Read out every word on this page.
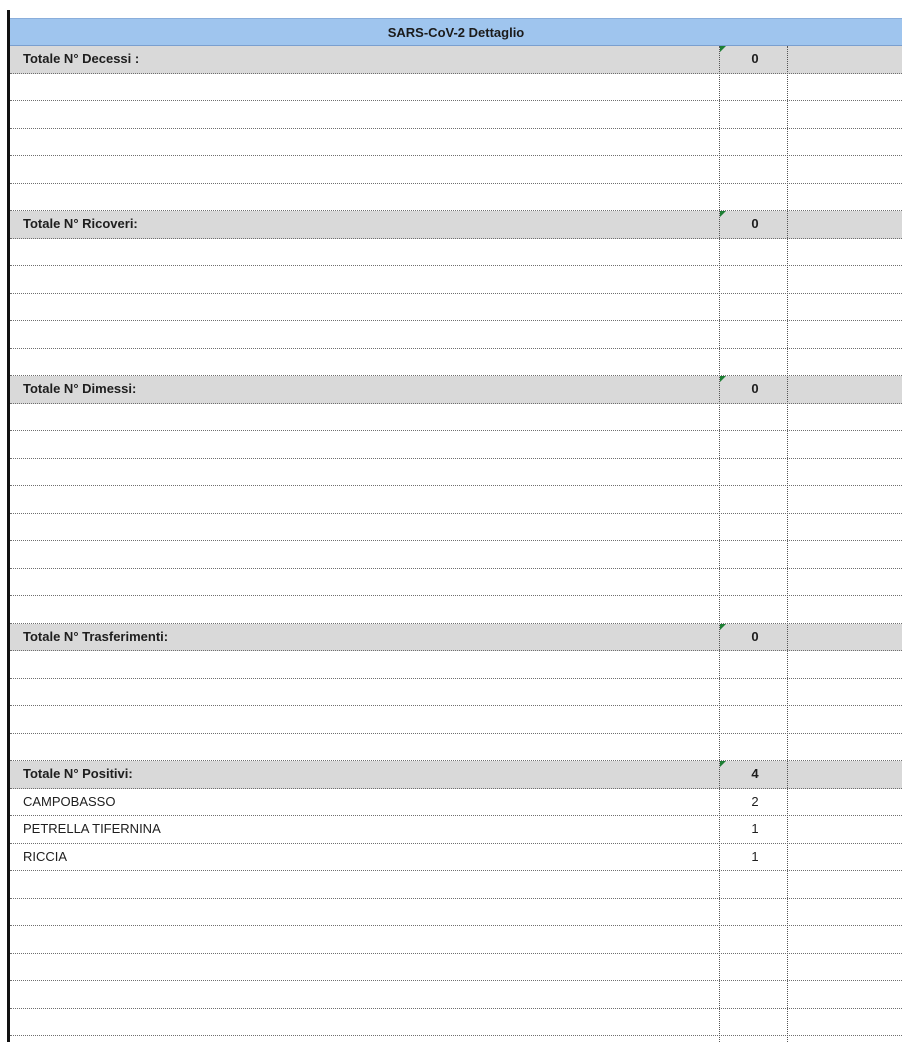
SARS-CoV-2 Dettaglio
Totale N° Decessi :	0
Totale N° Ricoveri:	0
Totale N° Dimessi:	0
Totale N° Trasferimenti:	0
Totale N° Positivi:	4
CAMPOBASSO	2
PETRELLA TIFERNINA	1
RICCIA	1
